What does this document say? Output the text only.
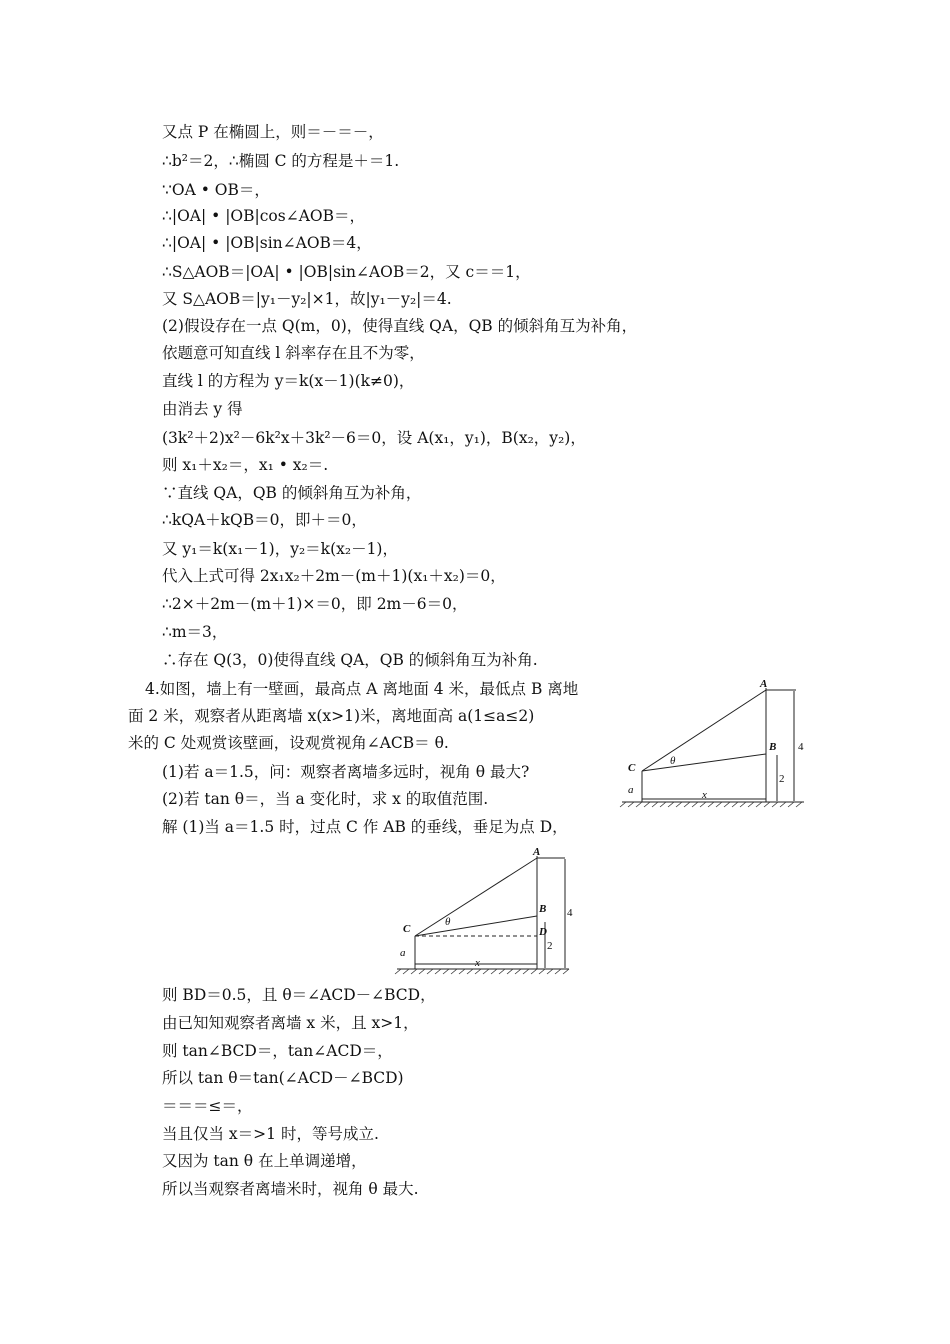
又点 P 在椭圆上，则＝－＝－，
∴b²＝2，∴椭圆 C 的方程是＋＝1.
∵OA • OB＝，
∴|OA| • |OB|cos∠AOB＝，
∴|OA| • |OB|sin∠AOB＝4，
∴S△AOB＝|OA| • |OB|sin∠AOB＝2，又 c＝＝1，
又 S△AOB＝|y₁－y₂|×1，故|y₁－y₂|＝4.
(2)假设存在一点 Q(m，0)，使得直线 QA，QB 的倾斜角互为补角，
依题意可知直线 l 斜率存在且不为零，
直线 l 的方程为 y＝k(x－1)(k≠0)，
由消去 y 得
(3k²＋2)x²－6k²x＋3k²－6＝0，设 A(x₁，y₁)，B(x₂，y₂)，
则 x₁＋x₂＝，x₁ • x₂＝.
∵直线 QA，QB 的倾斜角互为补角，
∴kQA＋kQB＝0，即＋＝0，
又 y₁＝k(x₁－1)，y₂＝k(x₂－1)，
代入上式可得 2x₁x₂＋2m－(m＋1)(x₁＋x₂)＝0，
∴2×＋2m－(m＋1)×＝0，即 2m－6＝0，
∴m＝3，
∴存在 Q(3，0)使得直线 QA，QB 的倾斜角互为补角.
4.如图，墙上有一壁画，最高点 A 离地面 4 米，最低点 B 离地
面 2 米，观察者从距离墙 x(x>1)米，离地面高 a(1≤a≤2)
米的 C 处观赏该壁画，设观赏视角∠ACB＝ θ.
(1)若 a＝1.5，问：观察者离墙多远时，视角 θ 最大?
(2)若 tan θ＝，当 a 变化时，求 x 的取值范围.
解 (1)当 a＝1.5 时，过点 C 作 AB 的垂线，垂足为点 D，
A
B
C
θ
a	x
4
2
A
B
C	D
θ
a
x
4
2
则 BD＝0.5，且 θ＝∠ACD－∠BCD，
由已知知观察者离墙 x 米，且 x>1，
则 tan∠BCD＝，tan∠ACD＝，
所以 tan θ＝tan(∠ACD－∠BCD)
＝＝＝≤＝，
当且仅当 x＝>1 时，等号成立.
又因为 tan θ 在上单调递增，
所以当观察者离墙米时，视角 θ 最大.
